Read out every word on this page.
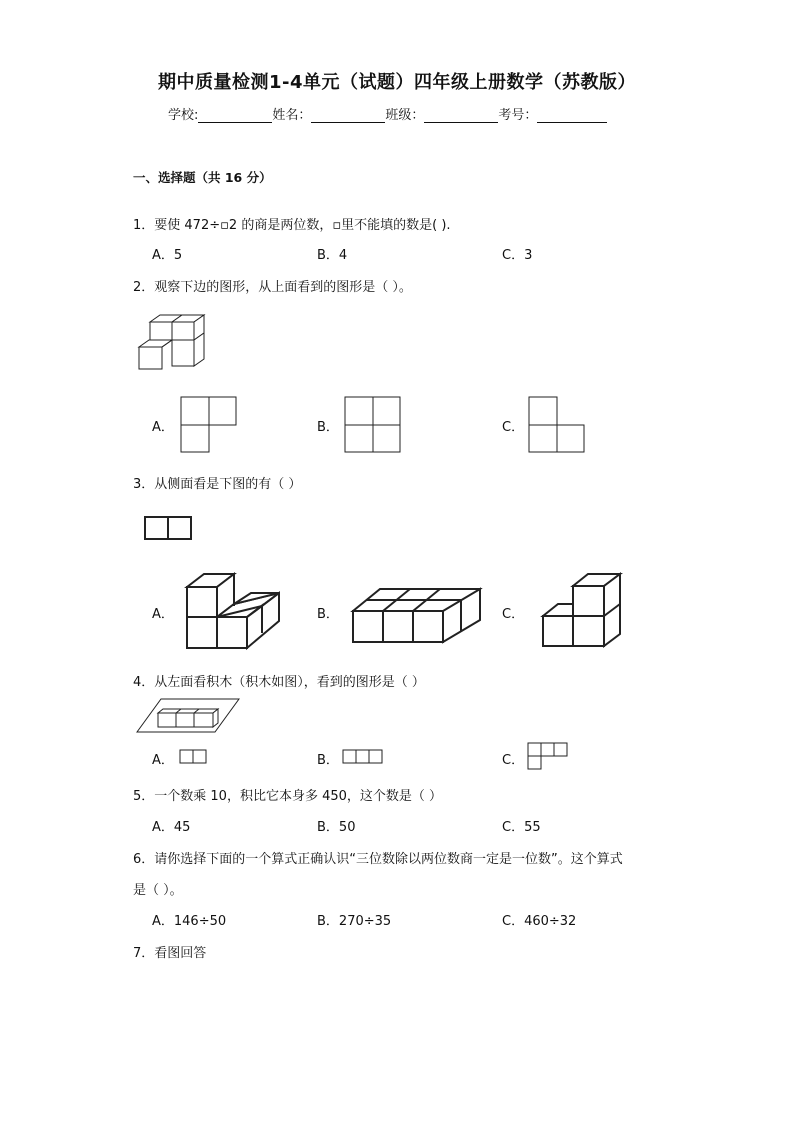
期中质量检测1-4单元（试题）四年级上册数学（苏教版）
学校:	姓名：	班级：	考号：
一、选择题（共 16 分）
1．要使 472÷▫2 的商是两位数，▫里不能填的数是( ).
A．5	B．4	C．3
2．观察下边的图形，从上面看到的图形是（ ）。
A．	B．	C．
3．从侧面看是下图的有（ ）
A．	B．	C．
4．从左面看积木（积木如图），看到的图形是（ ）
A．	B．	C．
5．一个数乘 10，积比它本身多 450，这个数是（ ）
A．45	B．50	C．55
6．请你选择下面的一个算式正确认识“三位数除以两位数商一定是一位数”。这个算式
是（ ）。
A．146÷50	B．270÷35	C．460÷32
7．看图回答
